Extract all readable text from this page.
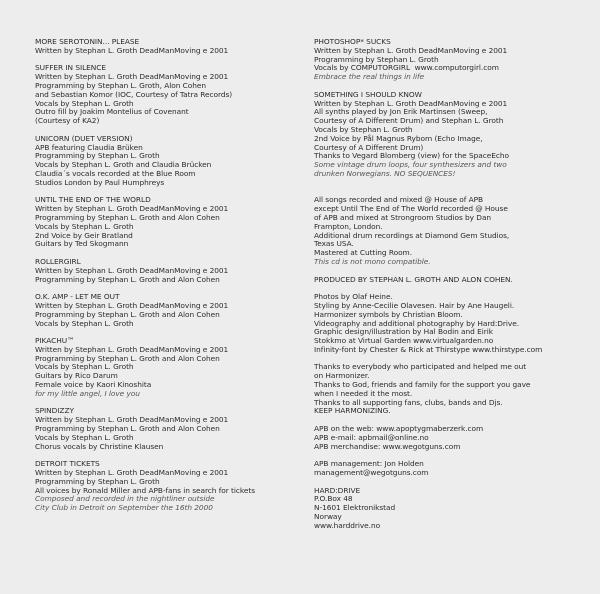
MORE SEROTONIN... PLEASE
Written by Stephan L. Groth DeadManMoving e 2001
SUFFER IN SILENCE
Written by Stephan L. Groth DeadManMoving e 2001
Programming by Stephan L. Groth, Alon Cohen
and Sebastian Komor (IOC, Courtesy of Tatra Records)
Vocals by Stephan L. Groth
Outro fill by Joakim Montelius of Covenant
(Courtesy of KA2)
UNICORN (DUET VERSION)
APB featuring Claudia Brüken
Programming by Stephan L. Groth
Vocals by Stephan L. Groth and Claudia Brücken
Claudia´s vocals recorded at the Blue Room
Studios London by Paul Humphreys
UNTIL THE END OF THE WORLD
Written by Stephan L. Groth DeadManMoving e 2001
Programming by Stephan L. Groth and Alon Cohen
Vocals by Stephan L. Groth
2nd Voice by Geir Bratland
Guitars by Ted Skogmann
ROLLERGIRL
Written by Stephan L. Groth DeadManMoving e 2001
Programming by Stephan L. Groth and Alon Cohen
O.K. AMP - LET ME OUT
Written by Stephan L. Groth DeadManMoving e 2001
Programming by Stephan L. Groth and Alon Cohen
Vocals by Stephan L. Groth
PIKACHU™
Written by Stephan L. Groth DeadManMoving e 2001
Programming by Stephan L. Groth and Alon Cohen
Vocals by Stephan L. Groth
Guitars by Rico Darum
Female voice by Kaori Kinoshita
for my little angel, I love you
SPINDIZZY
Written by Stephan L. Groth DeadManMoving e 2001
Programming by Stephan L. Groth and Alon Cohen
Vocals by Stephan L. Groth
Chorus vocals by Christine Klausen
DETROIT TICKETS
Written by Stephan L. Groth DeadManMoving e 2001
Programming by Stephan L. Groth
All voices by Ronald Miller and APB-fans in search for tickets
Composed and recorded in the nightliner outside
City Club in Detroit on September the 16th 2000
PHOTOSHOP* SUCKS
Written by Stephan L. Groth DeadManMoving e 2001
Programming by Stephan L. Groth
Vocals by COMPUTORGIRL  www.computorgirl.com
Embrace the real things in life
SOMETHING I SHOULD KNOW
Written by Stephan L. Groth DeadManMoving e 2001
All synths played by Jon Erik Martinsen (Sweep,
Courtesy of A Different Drum) and Stephan L. Groth
Vocals by Stephan L. Groth
2nd Voice by Pål Magnus Rybom (Echo Image,
Courtesy of A Different Drum)
Thanks to Vegard Blomberg (view) for the SpaceEcho
Some vintage drum loops, four synthesizers and two
drunken Norwegians. NO SEQUENCES!
All songs recorded and mixed @ House of APB
except Until The End of The World recorded @ House
of APB and mixed at Strongroom Studios by Dan
Frampton, London.
Additional drum recordings at Diamond Gem Studios,
Texas USA.
Mastered at Cutting Room.
This cd is not mono compatible.
PRODUCED BY STEPHAN L. GROTH AND ALON COHEN.
Photos by Olaf Heine.
Styling by Anne-Cecilie Olavesen. Hair by Ane Haugeli.
Harmonizer symbols by Christian Bloom.
Videography and additional photography by Hard:Drive.
Graphic design/illustration by Hal Bodin and Eirik
Stokkmo at Virtual Garden www.virtualgarden.no
Infinity-font by Chester & Rick at Thirstype www.thirstype.com
Thanks to everybody who participated and helped me out
on Harmonizer.
Thanks to God, friends and family for the support you gave
when I needed it the most.
Thanks to all supporting fans, clubs, bands and Djs.
KEEP HARMONIZING.
APB on the web: www.apoptygmaberzerk.com
APB e-mail: apbmail@online.no
APB merchandise: www.wegotguns.com
APB management: Jon Holden
management@wegotguns.com
HARD:DRIVE
P.O.Box 48
N-1601 Elektronikstad
Norway
www.harddrive.no
